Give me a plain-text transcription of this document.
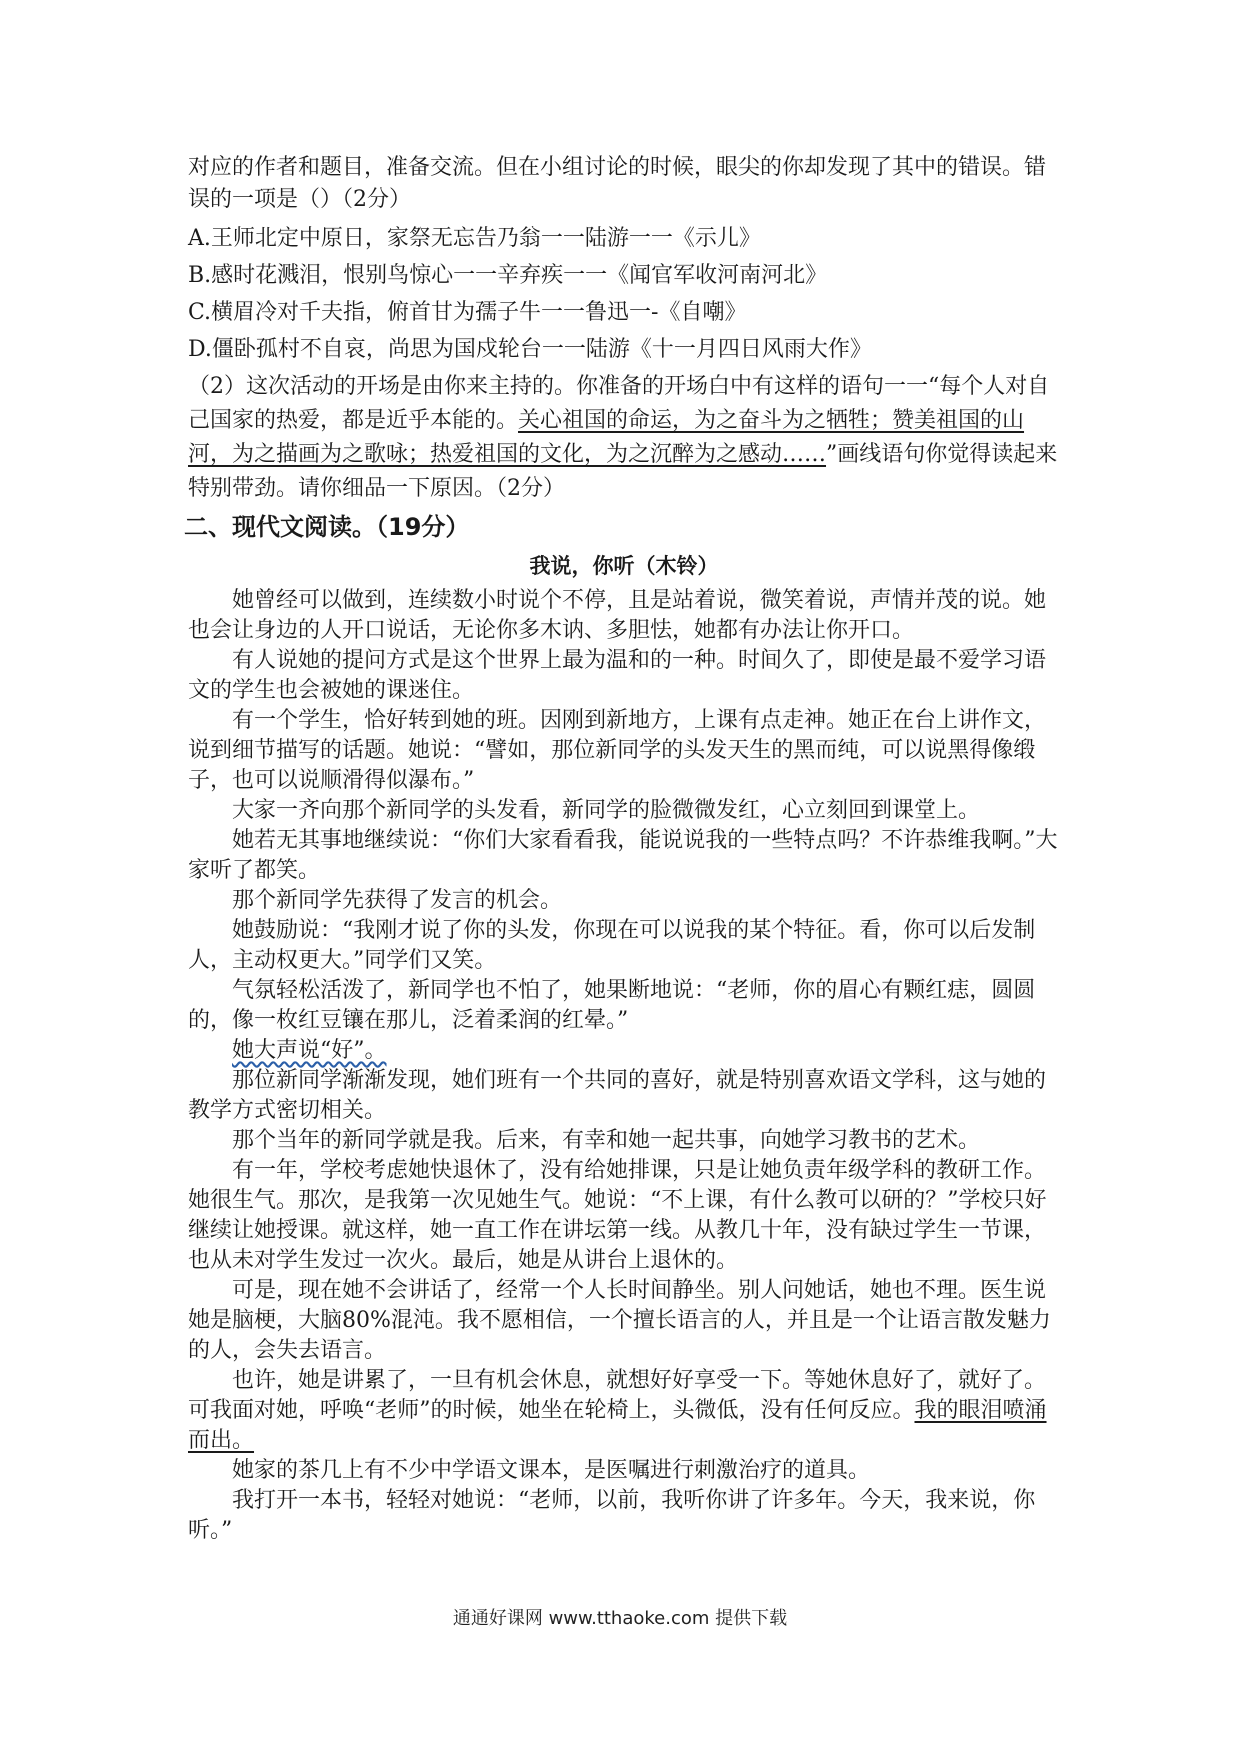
对应的作者和题目，准备交流。但在小组讨论的时候，眼尖的你却发现了其中的错误。错误的一项是（）（2分）

A.王师北定中原日，家祭无忘告乃翁一一陆游一一《示儿》

B.感时花溅泪，恨别鸟惊心一一辛弃疾一一《闻官军收河南河北》

C.横眉冷对千夫指，俯首甘为孺子牛一一鲁迅一-《自嘲》

D.僵卧孤村不自哀，尚思为国戍轮台一一陆游《十一月四日风雨大作》

（2）这次活动的开场是由你来主持的。你准备的开场白中有这样的语句一一“每个人对自己国家的热爱，都是近乎本能的。关心祖国的命运，为之奋斗为之牺牲；赞美祖国的山河，为之描画为之歌咏；热爱祖国的文化，为之沉醉为之感动……”画线语句你觉得读起来特别带劲。请你细品一下原因。（2分）

二、现代文阅读。（19分）
我说，你听（木铃）

她曾经可以做到，连续数小时说个不停，且是站着说，微笑着说，声情并茂的说。她也会让身边的人开口说话，无论你多木讷、多胆怯，她都有办法让你开口。

有人说她的提问方式是这个世界上最为温和的一种。时间久了，即使是最不爱学习语文的学生也会被她的课迷住。

有一个学生，恰好转到她的班。因刚到新地方，上课有点走神。她正在台上讲作文，说到细节描写的话题。她说：“譬如，那位新同学的头发天生的黑而纯，可以说黑得像缎子，也可以说顺滑得似瀑布。”

大家一齐向那个新同学的头发看，新同学的脸微微发红，心立刻回到课堂上。

她若无其事地继续说：“你们大家看看我，能说说我的一些特点吗？不许恭维我啊。”大家听了都笑。

那个新同学先获得了发言的机会。

她鼓励说：“我刚才说了你的头发，你现在可以说我的某个特征。看，你可以后发制人，主动权更大。”同学们又笑。

气氛轻松活泼了，新同学也不怕了，她果断地说：“老师，你的眉心有颗红痣，圆圆的，像一枚红豆镶在那儿，泛着柔润的红晕。”

她大声说“好”。

那位新同学渐渐发现，她们班有一个共同的喜好，就是特别喜欢语文学科，这与她的教学方式密切相关。

那个当年的新同学就是我。后来，有幸和她一起共事，向她学习教书的艺术。

有一年，学校考虑她快退休了，没有给她排课，只是让她负责年级学科的教研工作。她很生气。那次，是我第一次见她生气。她说：“不上课，有什么教可以研的？”学校只好继续让她授课。就这样，她一直工作在讲坛第一线。从教几十年，没有缺过学生一节课，也从未对学生发过一次火。最后，她是从讲台上退休的。

可是，现在她不会讲话了，经常一个人长时间静坐。别人问她话，她也不理。医生说她是脑梗，大脑80%混沌。我不愿相信，一个擅长语言的人，并且是一个让语言散发魅力的人，会失去语言。

也许，她是讲累了，一旦有机会休息，就想好好享受一下。等她休息好了，就好了。可我面对她，呼唤“老师”的时候，她坐在轮椅上，头微低，没有任何反应。我的眼泪喷涌而出。

她家的茶几上有不少中学语文课本，是医嘱进行刺激治疗的道具。

我打开一本书，轻轻对她说：“老师，以前，我听你讲了许多年。今天，我来说，你听。”

通通好课网 www.tthaoke.com 提供下载
